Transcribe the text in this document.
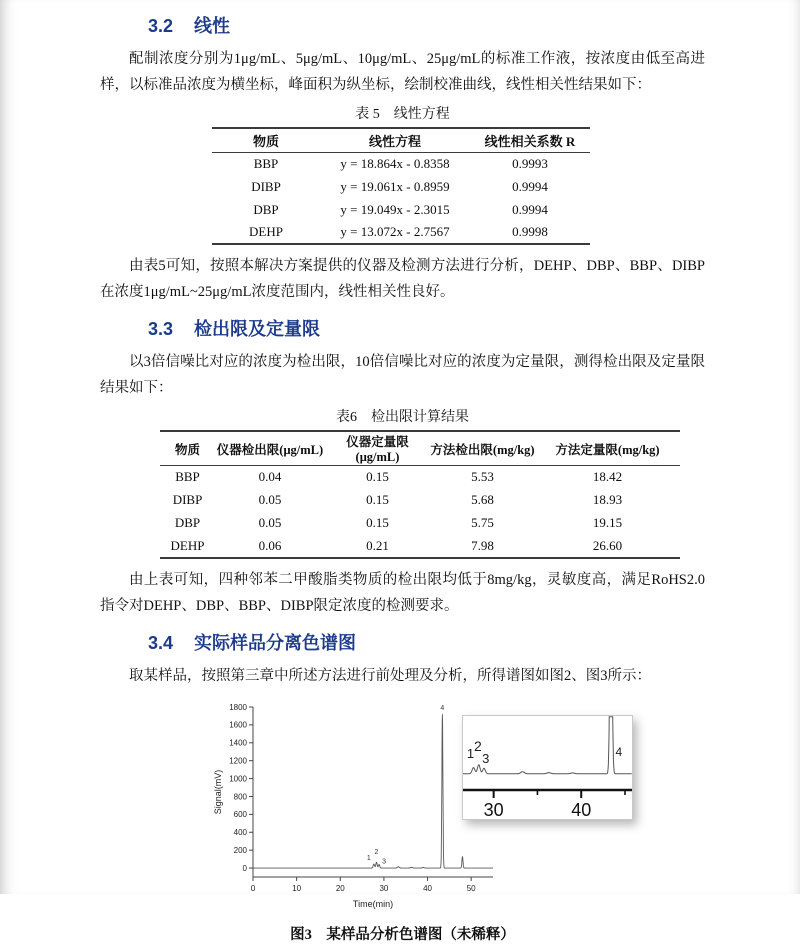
3.2 线性

配制浓度分别为1μg/mL、5μg/mL、10μg/mL、25μg/mL的标准工作液，按浓度由低至高进样，以标准品浓度为横坐标，峰面积为纵坐标，绘制校准曲线，线性相关性结果如下：

表 5　线性方程
物质	线性方程	线性相关系数 R
BBP	y = 18.864x - 0.8358	0.9993
DIBP	y = 19.061x - 0.8959	0.9994
DBP	y = 19.049x - 2.3015	0.9994
DEHP	y = 13.072x - 2.7567	0.9998

由表5可知，按照本解决方案提供的仪器及检测方法进行分析，DEHP、DBP、BBP、DIBP在浓度1μg/mL~25μg/mL浓度范围内，线性相关性良好。

3.3 检出限及定量限

以3倍信噪比对应的浓度为检出限，10倍信噪比对应的浓度为定量限，测得检出限及定量限结果如下：

表6　检出限计算结果
物质	仪器检出限(μg/mL)	仪器定量限(μg/mL)	方法检出限(mg/kg)	方法定量限(mg/kg)
BBP	0.04	0.15	5.53	18.42
DIBP	0.05	0.15	5.68	18.93
DBP	0.05	0.15	5.75	19.15
DEHP	0.06	0.21	7.98	26.60

由上表可知，四种邻苯二甲酸脂类物质的检出限均低于8mg/kg，灵敏度高，满足RoHS2.0指令对DEHP、DBP、BBP、DIBP限定浓度的检测要求。

3.4 实际样品分离色谱图

取某样品，按照第三章中所述方法进行前处理及分析，所得谱图如图2、图3所示：

0
200
400
600
800
1000
1200
1400
1600
1800
0	10	20	30	40	50
Signal(mV)
Time(min)
1
2
3
4
30	40
1 2
3	4
图3　某样品分析色谱图（未稀释）
